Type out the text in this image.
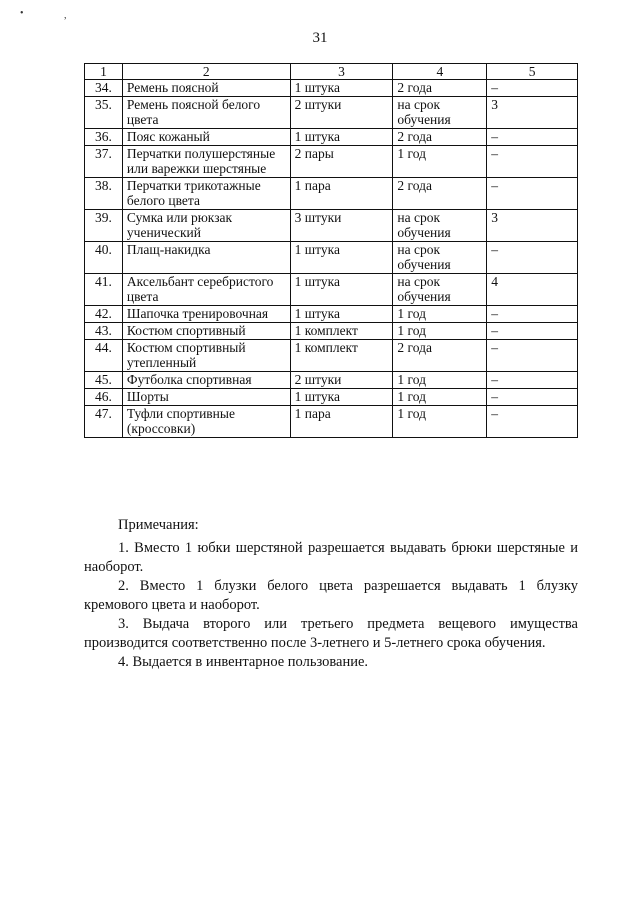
•	,
31
1	2	3	4	5
34.	Ремень поясной	1 штука	2 года	–
35.	Ремень поясной белого цвета	2 штуки	на срок обучения	3
36.	Пояс кожаный	1 штука	2 года	–
37.	Перчатки полушерстяные или варежки шерстяные	2 пары	1 год	–
38.	Перчатки трикотажные белого цвета	1 пара	2 года	–
39.	Сумка или рюкзак ученический	3 штуки	на срок обучения	3
40.	Плащ-накидка	1 штука	на срок обучения	–
41.	Аксельбант серебристого цвета	1 штука	на срок обучения	4
42.	Шапочка тренировочная	1 штука	1 год	–
43.	Костюм спортивный	1 комплект	1 год	–
44.	Костюм спортивный утепленный	1 комплект	2 года	–
45.	Футболка спортивная	2 штуки	1 год	–
46.	Шорты	1 штука	1 год	–
47.	Туфли спортивные (кроссовки)	1 пара	1 год	–

Примечания:

1. Вместо 1 юбки шерстяной разрешается выдавать брюки шерстяные и наоборот.

2. Вместо 1 блузки белого цвета разрешается выдавать 1 блузку кремового цвета и наоборот.

3. Выдача второго или третьего предмета вещевого имущества производится соответственно после 3-летнего и 5-летнего срока обучения.

4. Выдается в инвентарное пользование.
